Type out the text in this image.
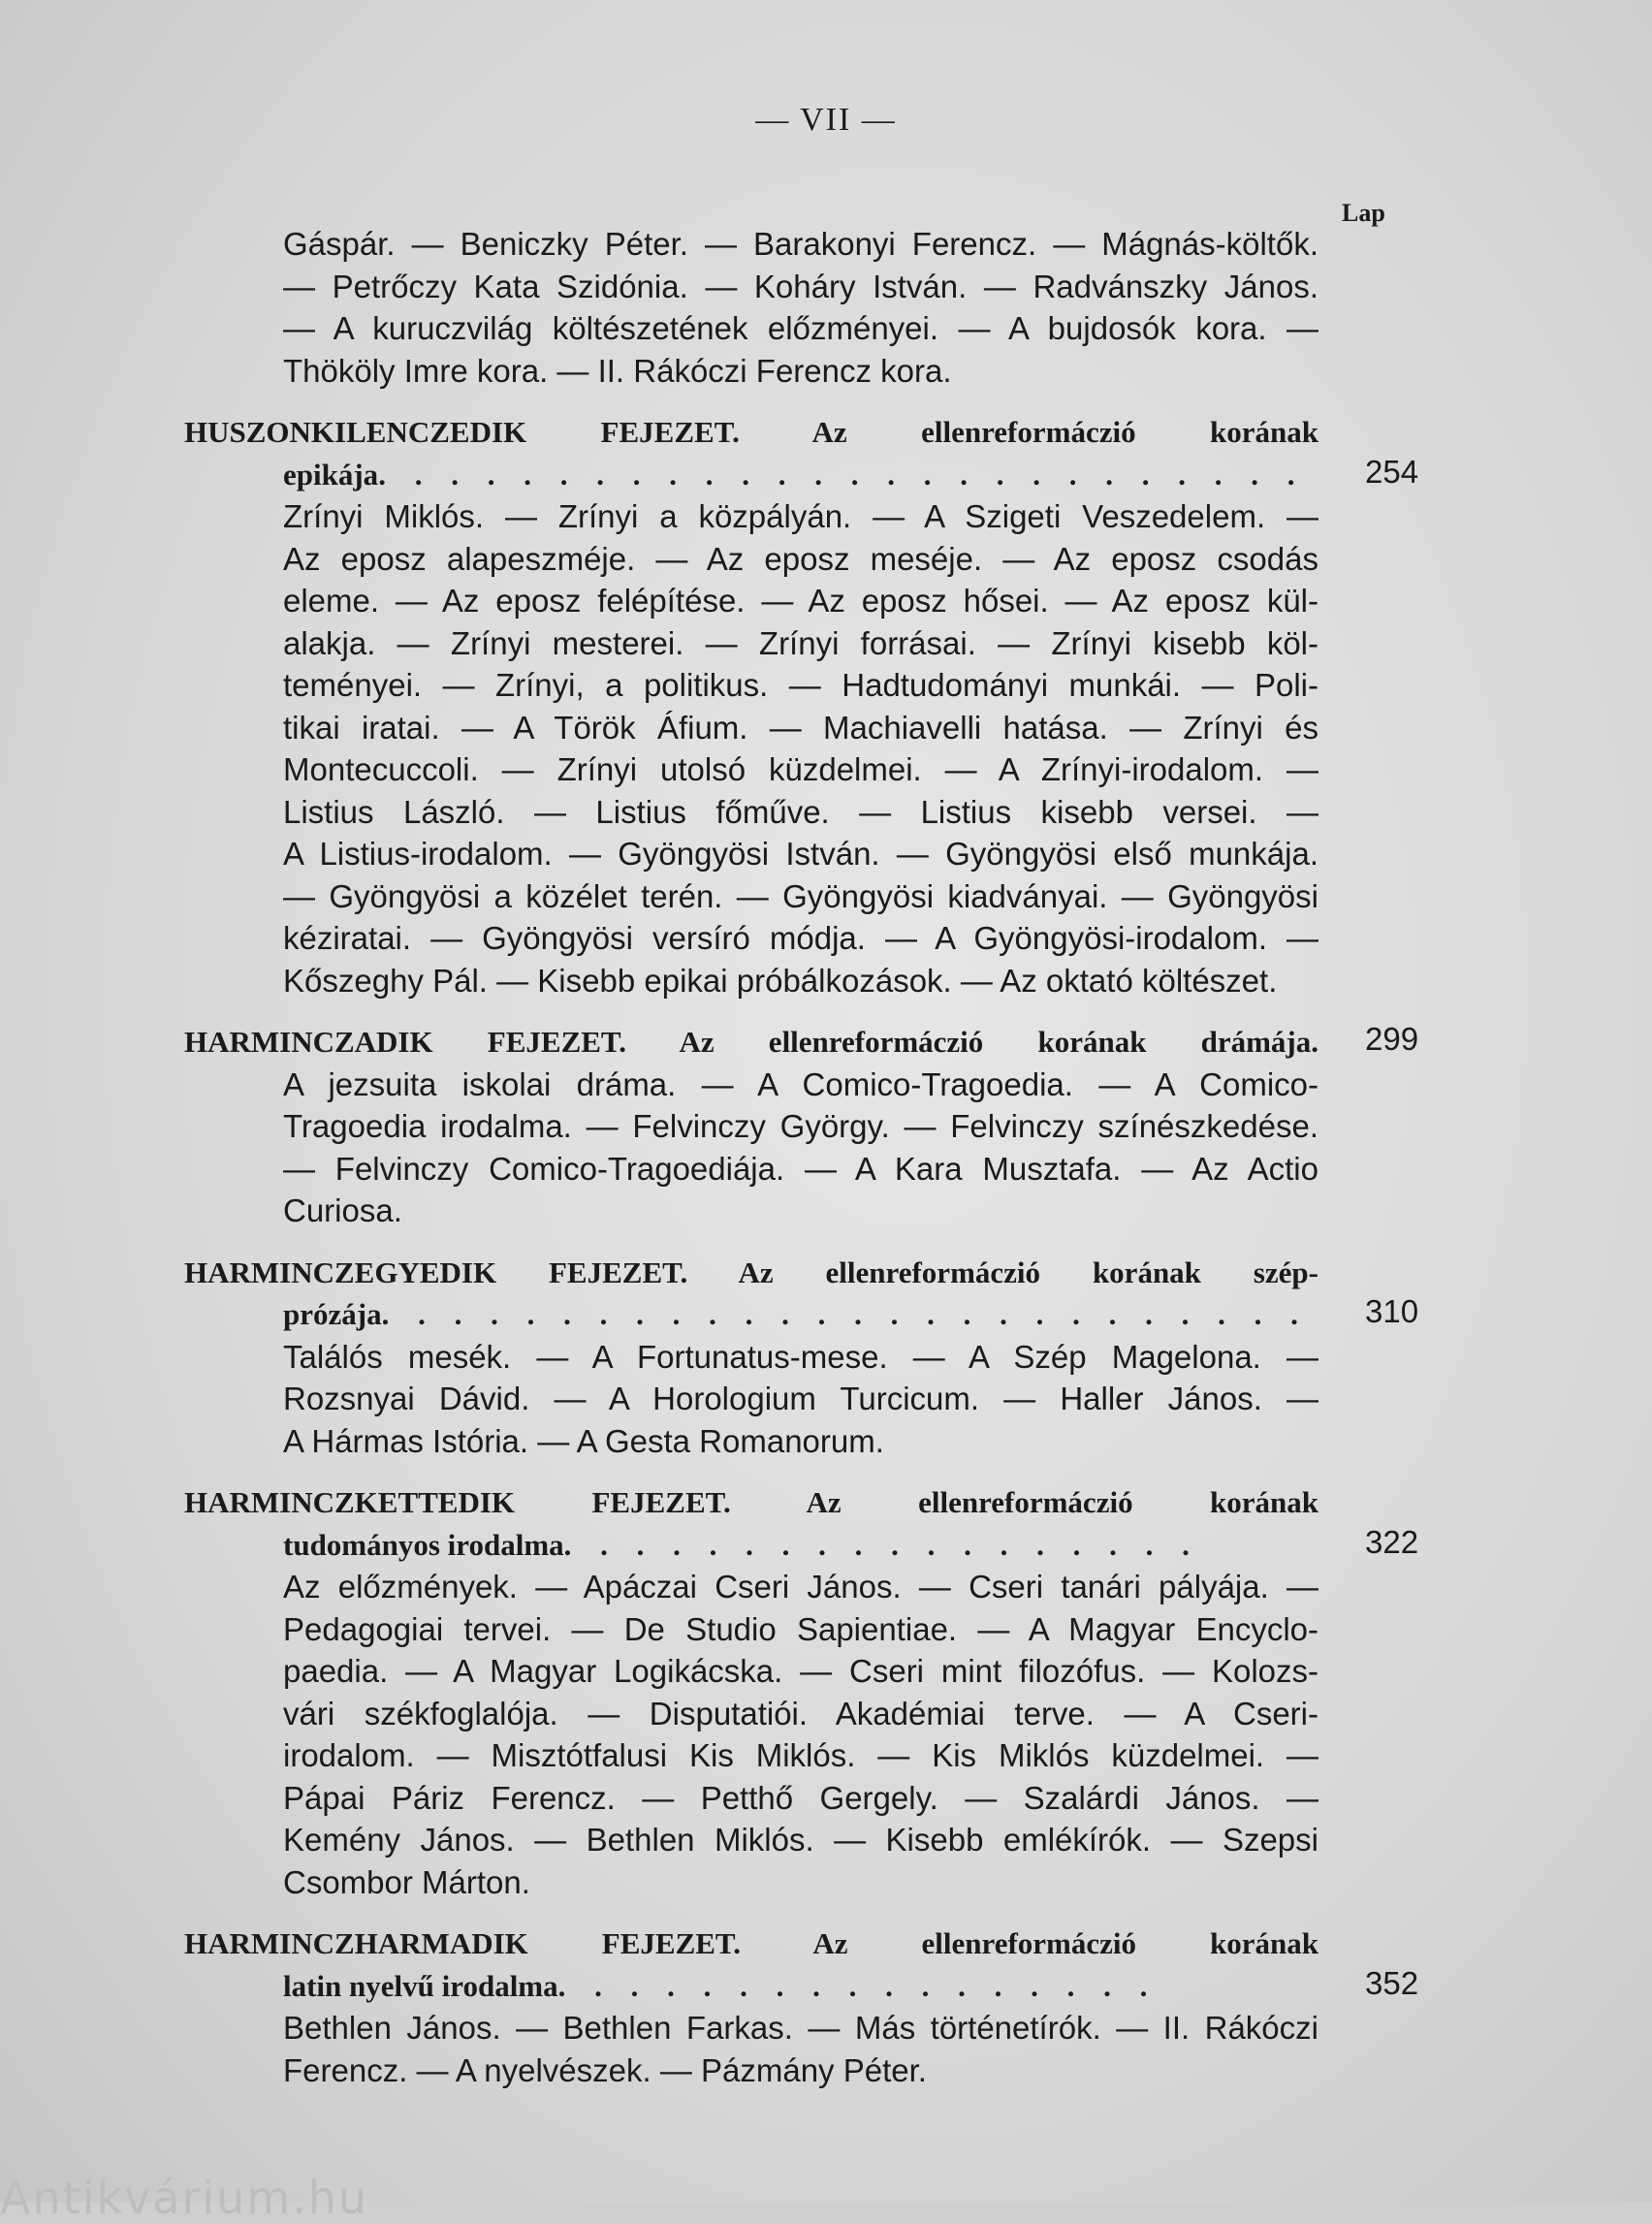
— VII —
Lap
Gáspár. — Beniczky Péter. — Barakonyi Ferencz. — Mágnás-költők.
— Petrőczy Kata Szidónia. — Koháry István. — Radvánszky János.
— A kuruczvilág költészetének előzményei. — A bujdosók kora. —
Thököly Imre kora. — II. Rákóczi Ferencz kora.
HUSZONKILENCZEDIK FEJEZET. Az ellenreformáczió korának
epikája. . . . . . . . . . . . . . . . . . . . . . . . . .	254
Zrínyi Miklós. — Zrínyi a közpályán. — A Szigeti Veszedelem. —
Az eposz alapeszméje. — Az eposz meséje. — Az eposz csodás
eleme. — Az eposz felépítése. — Az eposz hősei. — Az eposz kül-
alakja. — Zrínyi mesterei. — Zrínyi forrásai. — Zrínyi kisebb köl-
teményei. — Zrínyi, a politikus. — Hadtudományi munkái. — Poli-
tikai iratai. — A Török Áfium. — Machiavelli hatása. — Zrínyi és
Montecuccoli. — Zrínyi utolsó küzdelmei. — A Zrínyi-irodalom. —
Listius László. — Listius főműve. — Listius kisebb versei. —
A Listius-irodalom. — Gyöngyösi István. — Gyöngyösi első munkája.
— Gyöngyösi a közélet terén. — Gyöngyösi kiadványai. — Gyöngyösi
kéziratai. — Gyöngyösi versíró módja. — A Gyöngyösi-irodalom. —
Kőszeghy Pál. — Kisebb epikai próbálkozások. — Az oktató költészet.
HARMINCZADIK FEJEZET. Az ellenreformáczió korának drámája. 299
A jezsuita iskolai dráma. — A Comico-Tragoedia. — A Comico-
Tragoedia irodalma. — Felvinczy György. — Felvinczy színészkedése.
— Felvinczy Comico-Tragoediája. — A Kara Musztafa. — Az Actio
Curiosa.
HARMINCZEGYEDIK FEJEZET. Az ellenreformáczió korának szép-
prózája. . . . . . . . . . . . . . . . . . . . . . . . . .	310
Találós mesék. — A Fortunatus-mese. — A Szép Magelona. —
Rozsnyai Dávid. — A Horologium Turcicum. — Haller János. —
A Hármas Istória. — A Gesta Romanorum.
HARMINCZKETTEDIK FEJEZET. Az ellenreformáczió korának
tudományos irodalma. . . . . . . . . . . . . . . . . .	322
Az előzmények. — Apáczai Cseri János. — Cseri tanári pályája. —
Pedagogiai tervei. — De Studio Sapientiae. — A Magyar Encyclo-
paedia. — A Magyar Logikácska. — Cseri mint filozófus. — Kolozs-
vári székfoglalója. — Disputatiói. Akadémiai terve. — A Cseri-
irodalom. — Misztótfalusi Kis Miklós. — Kis Miklós küzdelmei. —
Pápai Páriz Ferencz. — Petthő Gergely. — Szalárdi János. —
Kemény János. — Bethlen Miklós. — Kisebb emlékírók. — Szepsi
Csombor Márton.
HARMINCZHARMADIK FEJEZET. Az ellenreformáczió korának
latin nyelvű irodalma. . . . . . . . . . . . . . . . .	352
Bethlen János. — Bethlen Farkas. — Más történetírók. — II. Rákóczi
Ferencz. — A nyelvészek. — Pázmány Péter.
Antikvárium.hu
